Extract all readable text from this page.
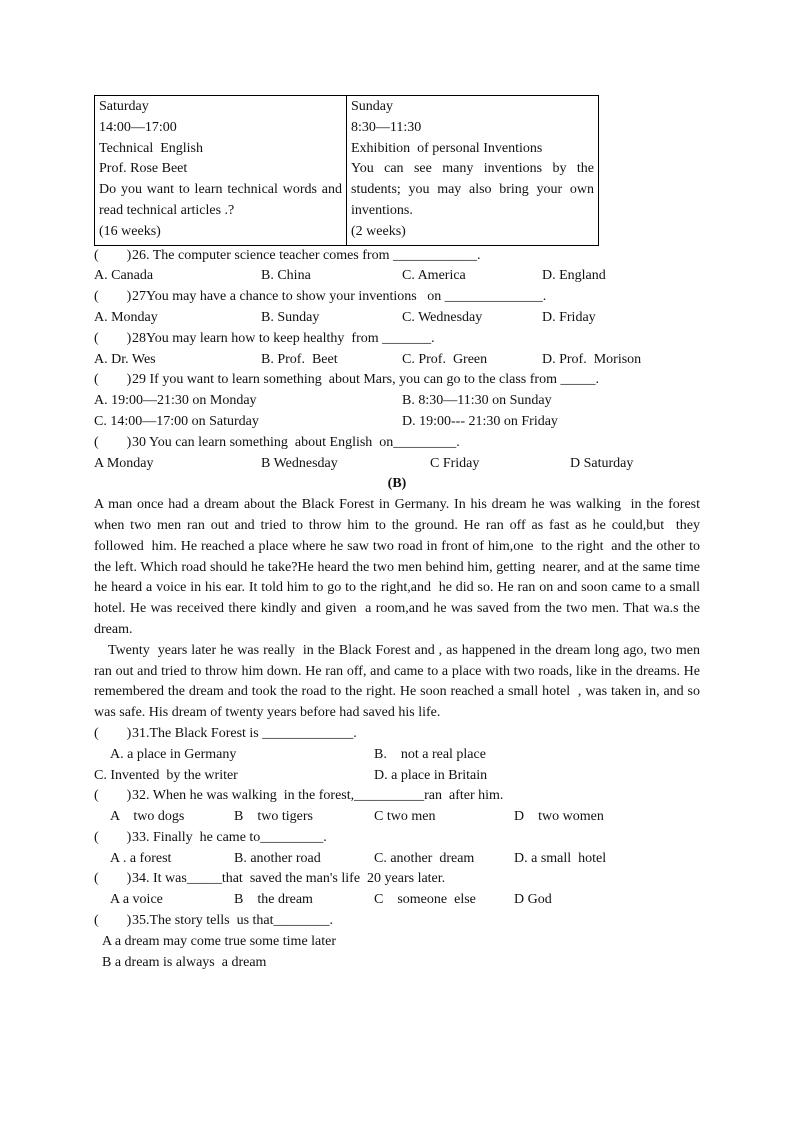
Saturday
14:00—17:00
Technical  English
Prof. Rose Beet
Do you want to learn technical words and read technical articles .?
(16 weeks)

Sunday
8:30—11:30
Exhibition  of personal Inventions
You can see many inventions by the students; you may also bring your own inventions.
(2 weeks)
(        )26. The computer science teacher comes from ____________.
A. Canada	B. China	C. America	D. England
(        )27You may have a chance to show your inventions   on ______________.
A. Monday	B. Sunday	C. Wednesday	D. Friday
(        )28You may learn how to keep healthy  from _______.
A. Dr. Wes	B. Prof.  Beet	C. Prof.  Green	D. Prof.  Morison
(        )29 If you want to learn something  about Mars, you can go to the class from _____.
A. 19:00—21:30 on Monday	B. 8:30—11:30 on Sunday
C. 14:00—17:00 on Saturday	D. 19:00--- 21:30 on Friday
(        )30 You can learn something  about English  on_________.
A Monday	B Wednesday	C Friday	D Saturday
(B)
A man once had a dream about the Black Forest in Germany. In his dream he was walking  in the forest when two men ran out and tried to throw him to the ground. He ran off as fast as he could,but  they followed  him. He reached a place where he saw two road in front of him,one  to the right  and the other to the left. Which road should he take?He heard the two men behind him, getting  nearer, and at the same time he heard a voice in his ear. It told him to go to the right,and  he did so. He ran on and soon came to a small hotel. He was received there kindly and given  a room,and he was saved from the two men. That wa.s the dream.
Twenty  years later he was really  in the Black Forest and , as happened in the dream long ago, two men ran out and tried to throw him down. He ran off, and came to a place with two roads, like in the dreams. He remembered the dream and took the road to the right. He soon reached a small hotel  , was taken in, and so was safe. His dream of twenty years before had saved his life.
(        )31.The Black Forest is _____________.
A. a place in Germany	B.    not a real place
C. Invented  by the writer	D. a place in Britain
(        )32. When he was walking  in the forest,__________ran  after him.
A    two dogs	B    two tigers	C two men	D    two women
(        )33. Finally  he came to_________.
A . a forest	B. another road	C. another  dream	D. a small  hotel
(        )34. It was_____that  saved the man's life  20 years later.
A a voice	B    the dream	C    someone  else	D God
(        )35.The story tells  us that________.
A a dream may come true some time later
B a dream is always  a dream
